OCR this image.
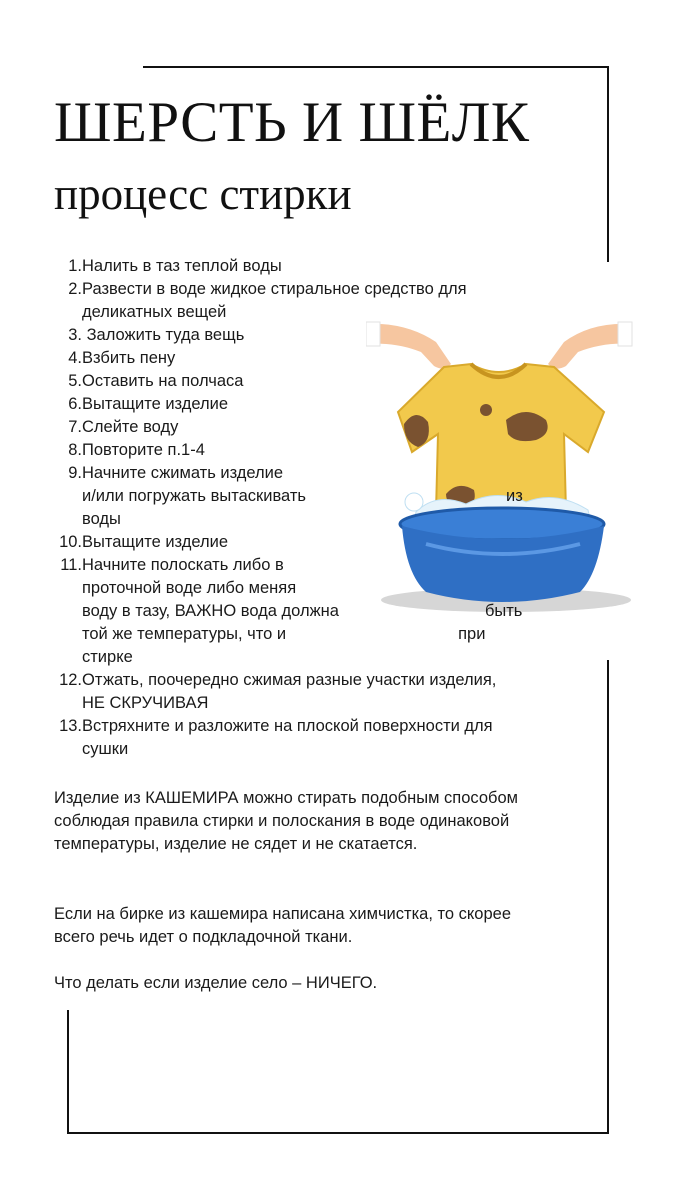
ШЕРСТЬ И ШЁЛК
процесс стирки
1. Налить в таз теплой воды
2. Развести в воде жидкое стиральное средство для
деликатных вещей
3. Заложить туда вещь
4. Взбить пену
5. Оставить на полчаса
6. Вытащите изделие
7. Слейте воду
8. Повторите п.1-4
9. Начните сжимать изделие
и/или погружать вытаскивать	из
воды
10. Вытащите изделие
11. Начните полоскать либо в
проточной воде либо меняя
воду в тазу, ВАЖНО вода должна	быть
той же температуры, что и	при
стирке
12. Отжать, поочередно сжимая разные участки изделия,
НЕ СКРУЧИВАЯ
13. Встряхните и разложите на плоской поверхности для
сушки

Изделие из КАШЕМИРА можно стирать подобным способом соблюдая правила стирки и полоскания в воде одинаковой температуры, изделие не сядет и не скатается.

Если на бирке из кашемира написана химчистка, то скорее всего речь идет о подкладочной ткани.

Что делать если изделие село – НИЧЕГО.
